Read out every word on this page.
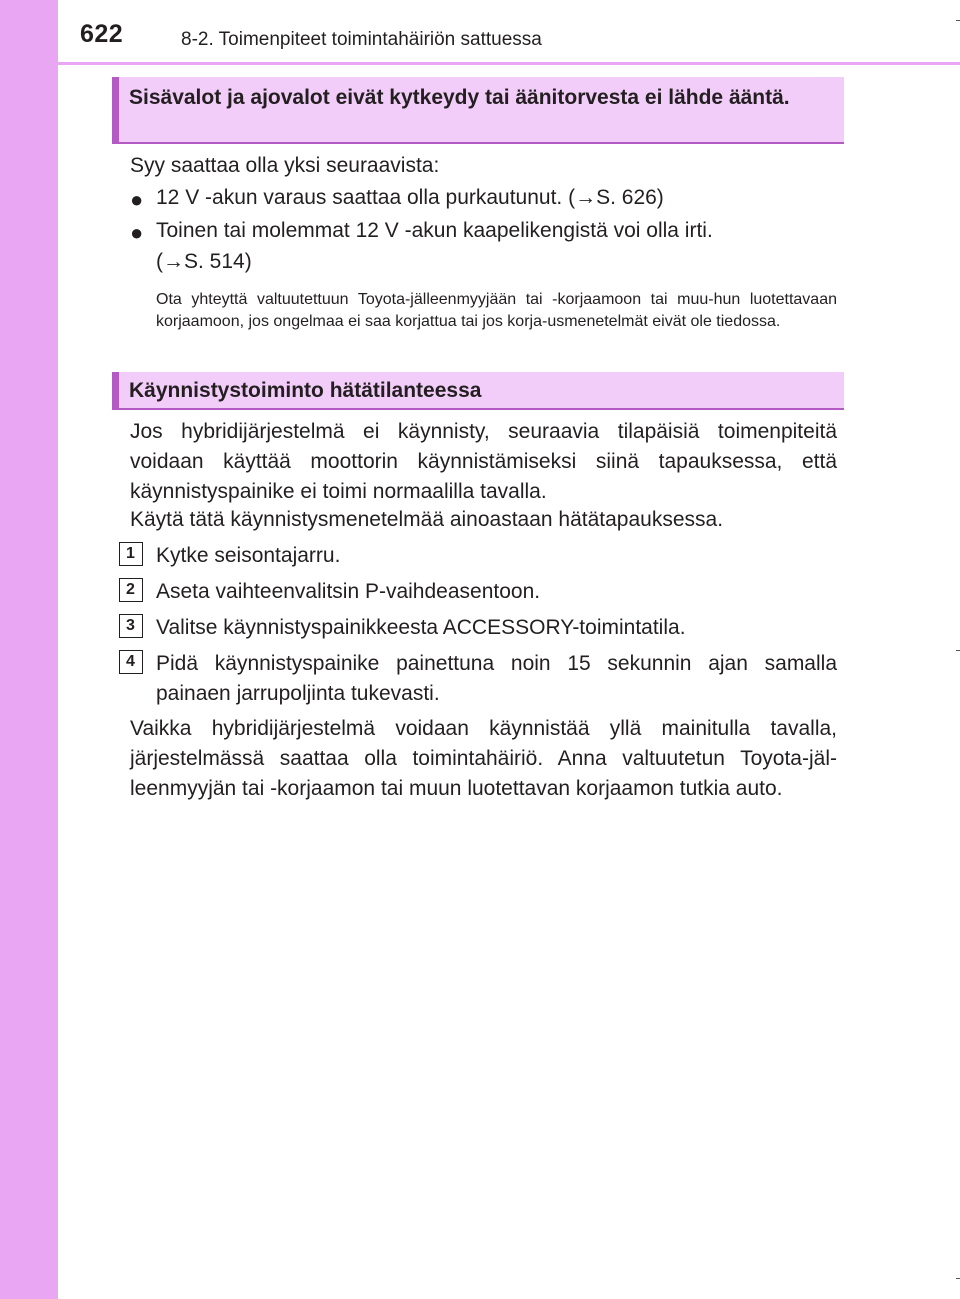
622	8-2. Toimenpiteet toimintahäiriön sattuessa
Sisävalot ja ajovalot eivät kytkeydy tai äänitorvesta ei lähde ääntä.
Syy saattaa olla yksi seuraavista:
● 12 V -akun varaus saattaa olla purkautunut. (→S. 626)
● Toinen tai molemmat 12 V -akun kaapelikengistä voi olla irti.
(→S. 514)
Ota yhteyttä valtuutettuun Toyota-jälleenmyyjään tai -korjaamoon tai muu-hun luotettavaan korjaamoon, jos ongelmaa ei saa korjattua tai jos korja-usmenetelmät eivät ole tiedossa.
Käynnistystoiminto hätätilanteessa
Jos hybridijärjestelmä ei käynnisty, seuraavia tilapäisiä toimenpiteitä voidaan käyttää moottorin käynnistämiseksi siinä tapauksessa, että käynnistyspainike ei toimi normaalilla tavalla.
Käytä tätä käynnistysmenetelmää ainoastaan hätätapauksessa.
1	Kytke seisontajarru.
2	Aseta vaihteenvalitsin P-vaihdeasentoon.
3	Valitse käynnistyspainikkeesta ACCESSORY-toimintatila.
4	Pidä käynnistyspainike painettuna noin 15 sekunnin ajan samalla painaen jarrupoljinta tukevasti.
Vaikka hybridijärjestelmä voidaan käynnistää yllä mainitulla tavalla, järjestelmässä saattaa olla toimintahäiriö. Anna valtuutetun Toyota-jäl-leenmyyjän tai -korjaamon tai muun luotettavan korjaamon tutkia auto.
